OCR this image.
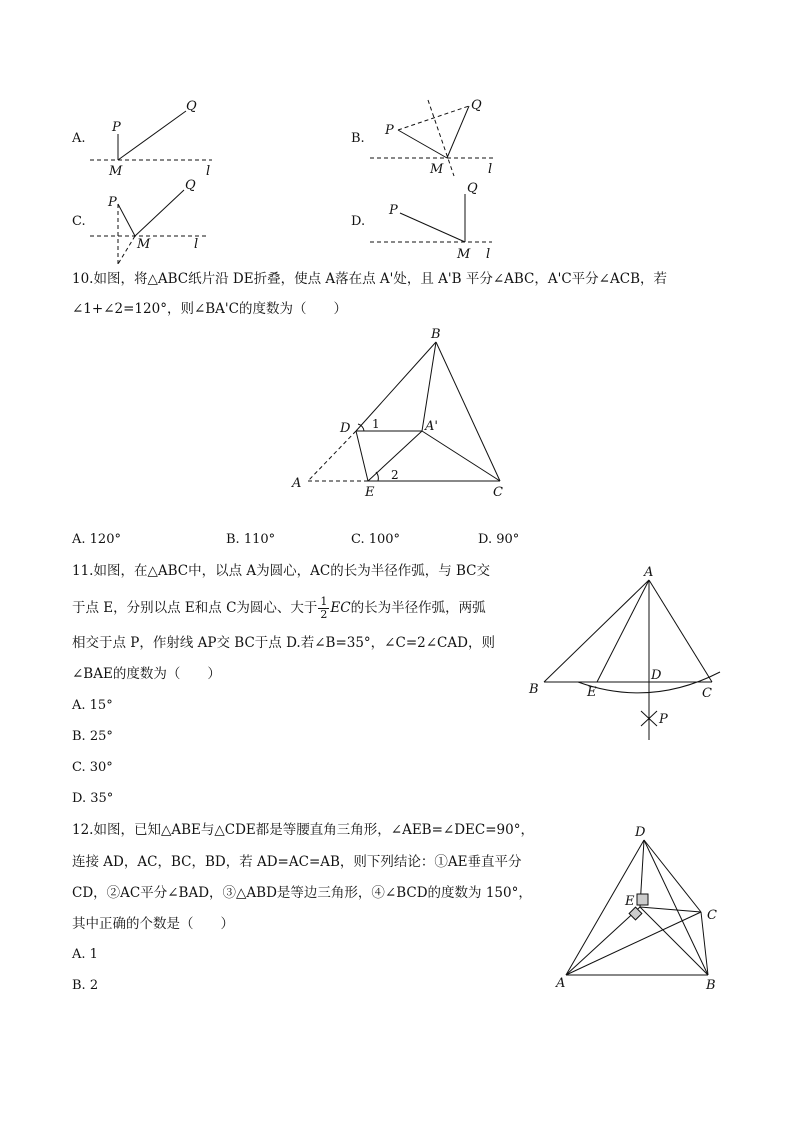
A.
P
Q
M	l
B.
P
Q
M	l
C.
P
Q
M	l
D.
P
Q
M l
10.如图，将△ABC纸片沿 DE折叠，使点 A落在点 A'处，且 A'B 平分∠ABC，A'C平分∠ACB，若
∠1+∠2=120°，则∠BA'C的度数为（　　）
B
D 1	A'
A
2
E	C
A. 120°	B. 110°	C. 100°	D. 90°
11.如图，在△ABC中，以点 A为圆心，AC的长为半径作弧，与 BC交
于点 E，分别以点 E和点 C为圆心、大于 $\frac{1}{2}$ EC的长为半径作弧，两弧
相交于点 P，作射线 AP交 BC于点 D.若∠B=35°，∠C=2∠CAD，则
∠BAE的度数为（　　）
A
B	E
D
C
P
A. 15°
B. 25°
C. 30°
D. 35°
12.如图，已知△ABE与△CDE都是等腰直角三角形，∠AEB=∠DEC=90°，
连接 AD，AC，BC，BD，若 AD=AC=AB，则下列结论：①AE垂直平分
CD，②AC平分∠BAD，③△ABD是等边三角形，④∠BCD的度数为 150°，
其中正确的个数是（　　）
D
E
C
A	B
A. 1
B. 2
